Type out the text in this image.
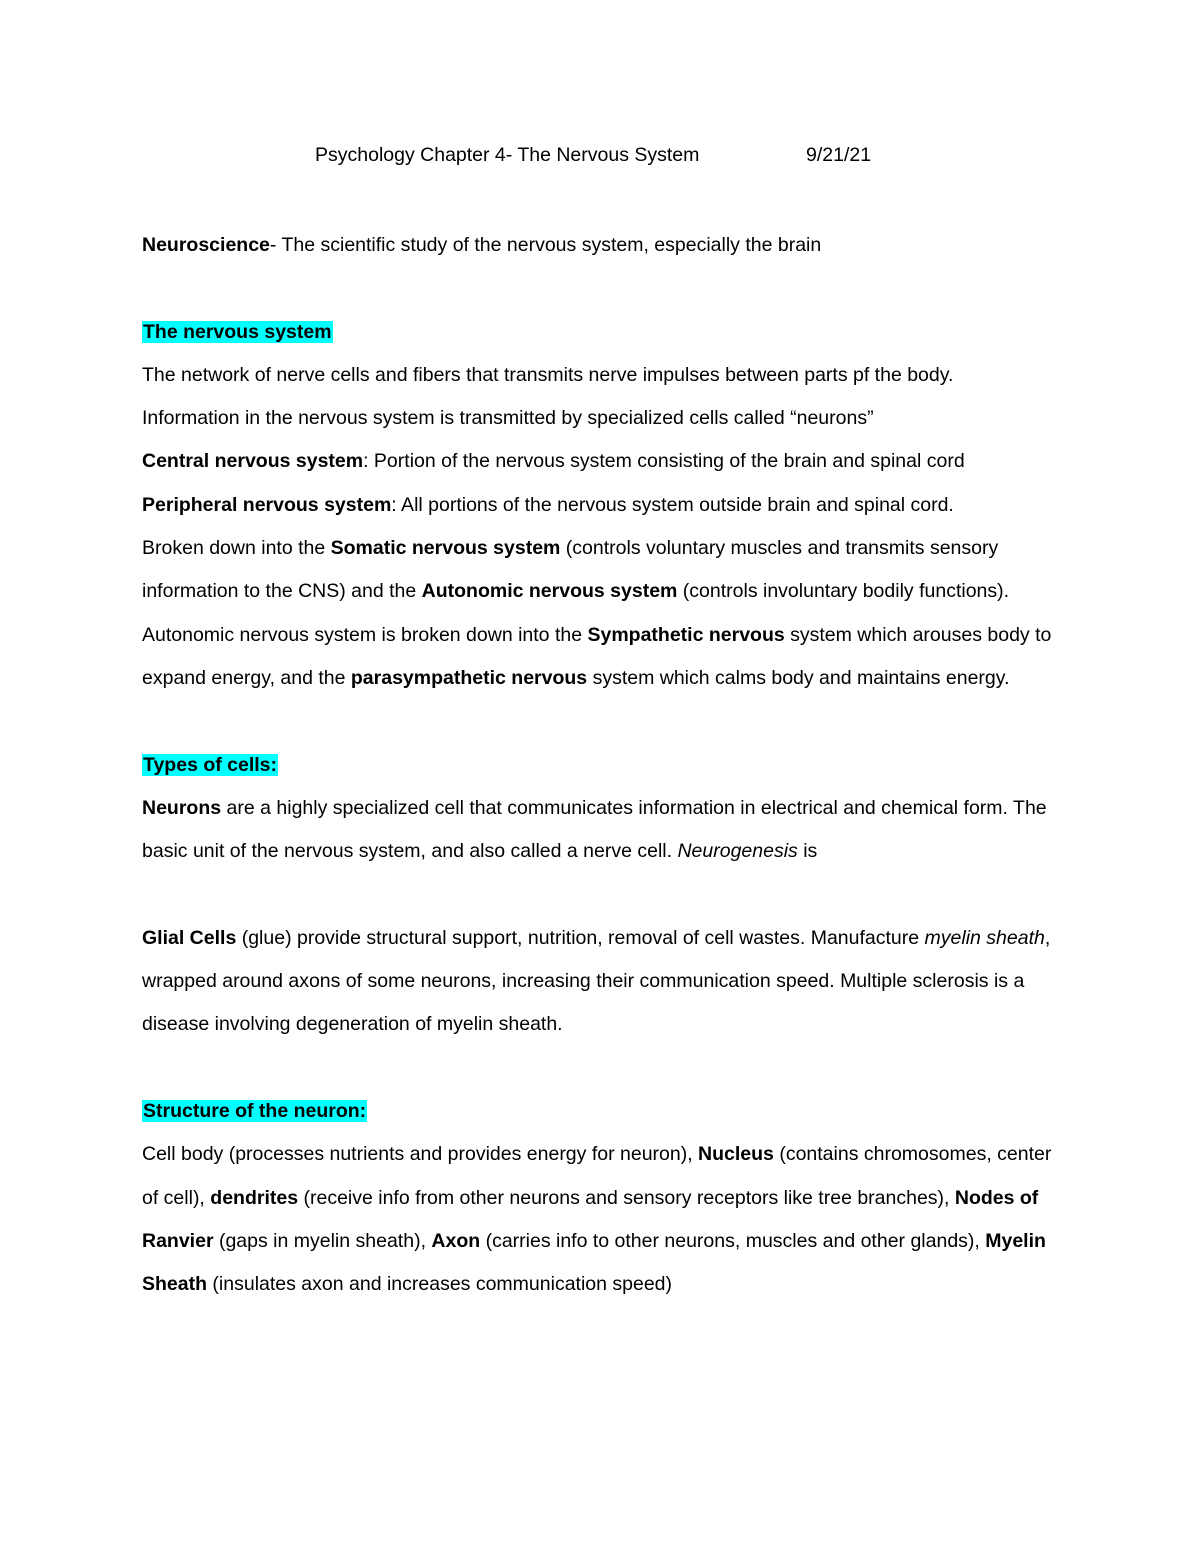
Psychology Chapter 4- The Nervous System	9/21/21

Neuroscience- The scientific study of the nervous system, especially the brain

The nervous system

The network of nerve cells and fibers that transmits nerve impulses between parts pf the body.

Information in the nervous system is transmitted by specialized cells called “neurons”

Central nervous system: Portion of the nervous system consisting of the brain and spinal cord

Peripheral nervous system: All portions of the nervous system outside brain and spinal cord.

Broken down into the Somatic nervous system (controls voluntary muscles and transmits sensory information to the CNS) and the Autonomic nervous system (controls involuntary bodily functions). Autonomic nervous system is broken down into the Sympathetic nervous system which arouses body to expand energy, and the parasympathetic nervous system which calms body and maintains energy.

Types of cells:

Neurons are a highly specialized cell that communicates information in electrical and chemical form. The basic unit of the nervous system, and also called a nerve cell. Neurogenesis is

Glial Cells (glue) provide structural support, nutrition, removal of cell wastes. Manufacture myelin sheath, wrapped around axons of some neurons, increasing their communication speed. Multiple sclerosis is a disease involving degeneration of myelin sheath.

Structure of the neuron:

Cell body (processes nutrients and provides energy for neuron), Nucleus (contains chromosomes, center of cell), dendrites (receive info from other neurons and sensory receptors like tree branches), Nodes of Ranvier (gaps in myelin sheath), Axon (carries info to other neurons, muscles and other glands), Myelin Sheath (insulates axon and increases communication speed)
